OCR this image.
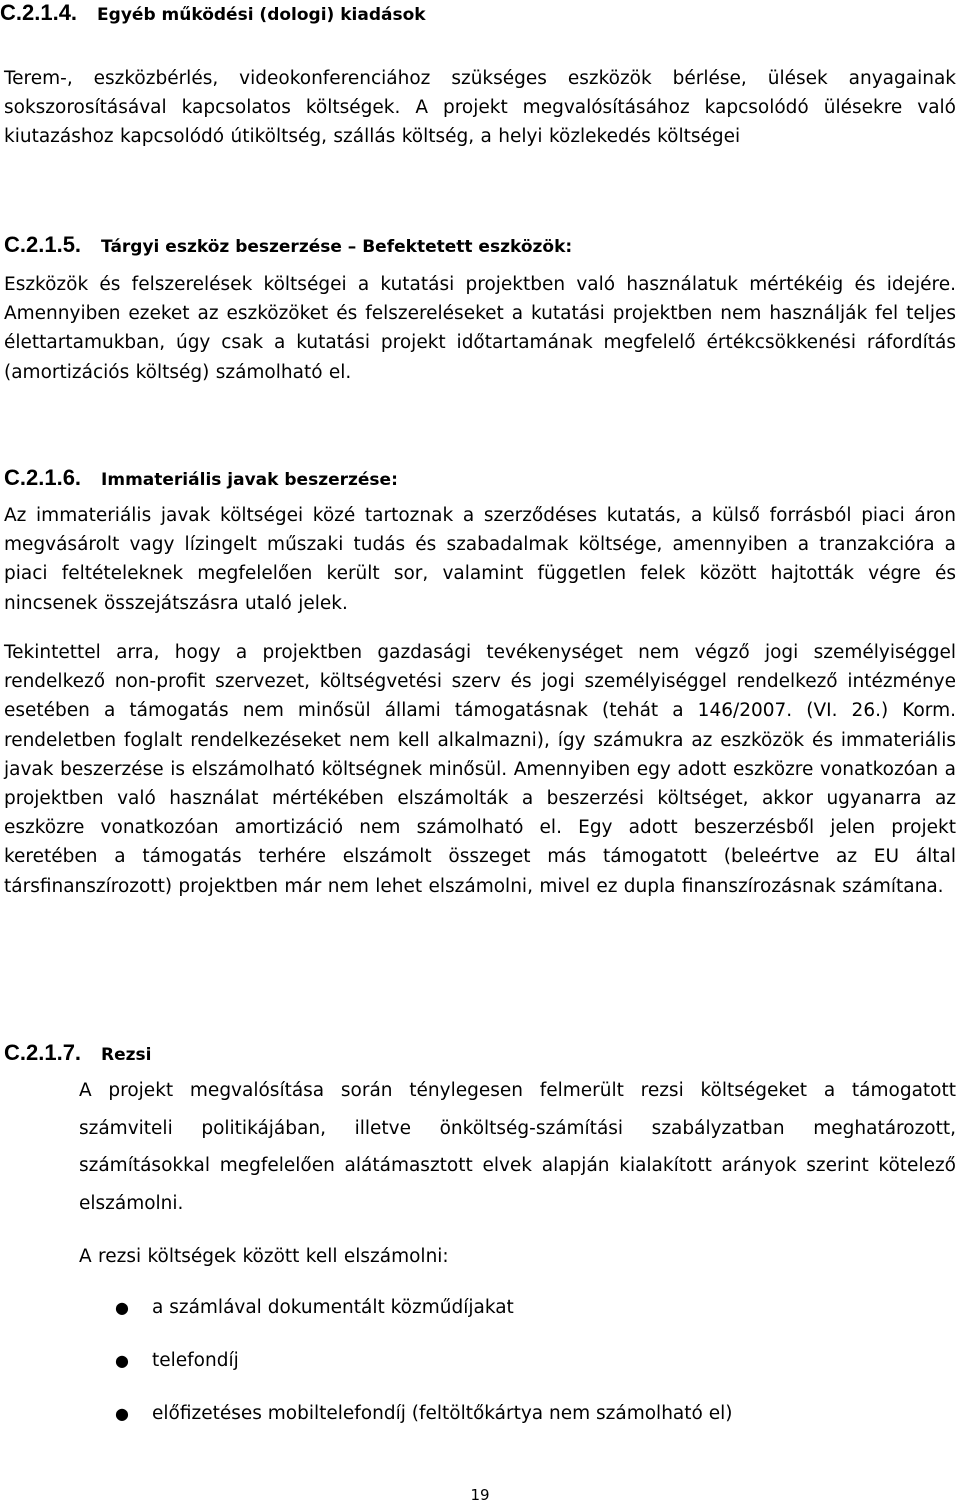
C.2.1.4. Egyéb működési (dologi) kiadások
Terem-, eszközbérlés, videokonferenciához szükséges eszközök bérlése, ülések anyagainak sokszorosításával kapcsolatos költségek. A projekt megvalósításához kapcsolódó ülésekre való kiutazáshoz kapcsolódó útiköltség, szállás költség, a helyi közlekedés költségei
C.2.1.5. Tárgyi eszköz beszerzése – Befektetett eszközök:
Eszközök és felszerelések költségei a kutatási projektben való használatuk mértékéig és idejére. Amennyiben ezeket az eszközöket és felszereléseket a kutatási projektben nem használják fel teljes élettartamukban, úgy csak a kutatási projekt időtartamának megfelelő értékcsökkenési ráfordítás (amortizációs költség) számolható el.
C.2.1.6. Immateriális javak beszerzése:
Az immateriális javak költségei közé tartoznak a szerződéses kutatás, a külső forrásból piaci áron megvásárolt vagy lízingelt műszaki tudás és szabadalmak költsége, amennyiben a tranzakcióra a piaci feltételeknek megfelelően került sor, valamint független felek között hajtották végre és nincsenek összejátszásra utaló jelek.
Tekintettel arra, hogy a projektben gazdasági tevékenységet nem végző jogi személyiséggel rendelkező non-profit szervezet, költségvetési szerv és jogi személyiséggel rendelkező intézménye esetében a támogatás nem minősül állami támogatásnak (tehát a 146/2007. (VI. 26.) Korm. rendeletben foglalt rendelkezéseket nem kell alkalmazni), így számukra az eszközök és immateriális javak beszerzése is elszámolható költségnek minősül. Amennyiben egy adott eszközre vonatkozóan a projektben való használat mértékében elszámolták a beszerzési költséget, akkor ugyanarra az eszközre vonatkozóan amortizáció nem számolható el. Egy adott beszerzésből jelen projekt keretében a támogatás terhére elszámolt összeget más támogatott (beleértve az EU által társfinanszírozott) projektben már nem lehet elszámolni, mivel ez dupla finanszírozásnak számítana.
C.2.1.7. Rezsi
A projekt megvalósítása során ténylegesen felmerült rezsi költségeket a támogatott számviteli politikájában, illetve önköltség-számítási szabályzatban meghatározott, számításokkal megfelelően alátámasztott elvek alapján kialakított arányok szerint kötelező elszámolni.
A rezsi költségek között kell elszámolni:
● a számlával dokumentált közműdíjakat
● telefondíj
● előfizetéses mobiltelefondíj (feltöltőkártya nem számolható el)
19
